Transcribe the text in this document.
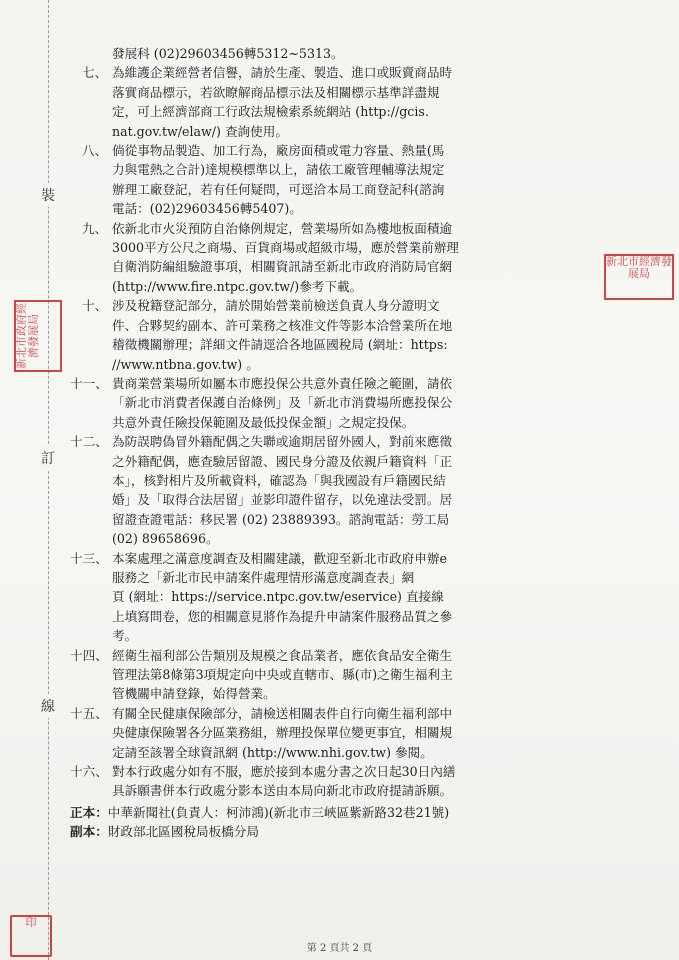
裝
訂
線
新北市政府經濟發展局
新北市經濟發展局
印

發展科 (02)29603456轉5312~5313。

七、 為維護企業經營者信譽，請於生產、製造、進口或販賣商品時

落實商品標示，若欲瞭解商品標示法及相關標示基準詳盡規

定，可上經濟部商工行政法規檢索系統網站 (http://gcis.

nat.gov.tw/elaw/) 查詢使用。

八、 倘從事物品製造、加工行為，廠房面積或電力容量、熱量(馬

力與電熱之合計)達規模標準以上，請依工廠管理輔導法規定

辦理工廠登記，若有任何疑問，可逕洽本局工商登記科(諮詢

電話：(02)29603456轉5407)。

九、 依新北市火災預防自治條例規定，營業場所如為樓地板面積逾

3000平方公尺之商場、百貨商場或超級市場，應於營業前辦理

自衛消防編組驗證事項，相關資訊請至新北市政府消防局官網

(http://www.fire.ntpc.gov.tw/)參考下載。

十、 涉及稅籍登記部分，請於開始營業前檢送負責人身分證明文

件、合夥契約副本、許可業務之核准文件等影本洽營業所在地

稽徵機關辦理；詳細文件請逕洽各地區國稅局 (網址：https:

//www.ntbna.gov.tw) 。

十一、 貴商業營業場所如屬本市應投保公共意外責任險之範圍，請依

「新北市消費者保護自治條例」及「新北市消費場所應投保公

共意外責任險投保範圍及最低投保金額」之規定投保。

十二、 為防誤聘偽冒外籍配偶之失聯或逾期居留外國人，對前來應徵

之外籍配偶，應查驗居留證、國民身分證及依親戶籍資料「正

本」，核對相片及所載資料，確認為「與我國設有戶籍國民結

婚」及「取得合法居留」並影印證件留存，以免違法受罰。居

留證查證電話：移民署 (02) 23889393。諮詢電話：勞工局

(02) 89658696。

十三、 本案處理之滿意度調查及相關建議，歡迎至新北市政府申辦e

服務之「新北市民申請案件處理情形滿意度調查表」網

頁 (網址：https://service.ntpc.gov.tw/eservice) 直接線

上填寫問卷，您的相關意見將作為提升申請案件服務品質之參

考。

十四、 經衛生福利部公告類別及規模之食品業者，應依食品安全衛生

管理法第8條第3項規定向中央或直轄市、縣(市)之衛生福利主

管機關申請登錄，始得營業。

十五、 有關全民健康保險部分，請檢送相關表件自行向衛生福利部中

央健康保險署各分區業務組，辦理投保單位變更事宜，相關規

定請至該署全球資訊網 (http://www.nhi.gov.tw) 參閱。

十六、 對本行政處分如有不服，應於接到本處分書之次日起30日內繕

具訴願書併本行政處分影本送由本局向新北市政府提請訴願。

正本：中華新聞社(負責人：柯沛鴻)(新北市三峽區紫新路32巷21號)

副本：財政部北區國稅局板橋分局

第 2 頁共 2 頁
